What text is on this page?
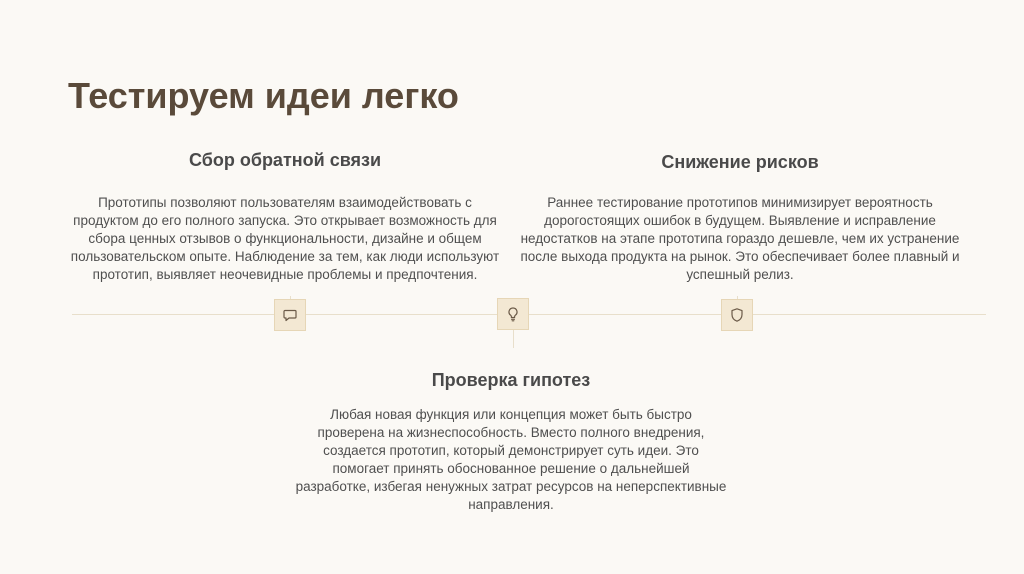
Тестируем идеи легко
Сбор обратной связи

Прототипы позволяют пользователям взаимодействовать с продуктом до его полного запуска. Это открывает возможность для сбора ценных отзывов о функциональности, дизайне и общем пользовательском опыте. Наблюдение за тем, как люди используют прототип, выявляет неочевидные проблемы и предпочтения.

Снижение рисков

Раннее тестирование прототипов минимизирует вероятность дорогостоящих ошибок в будущем. Выявление и исправление недостатков на этапе прототипа гораздо дешевле, чем их устранение после выхода продукта на рынок. Это обеспечивает более плавный и успешный релиз.

Проверка гипотез

Любая новая функция или концепция может быть быстро проверена на жизнеспособность. Вместо полного внедрения, создается прототип, который демонстрирует суть идеи. Это помогает принять обоснованное решение о дальнейшей разработке, избегая ненужных затрат ресурсов на неперспективные направления.
